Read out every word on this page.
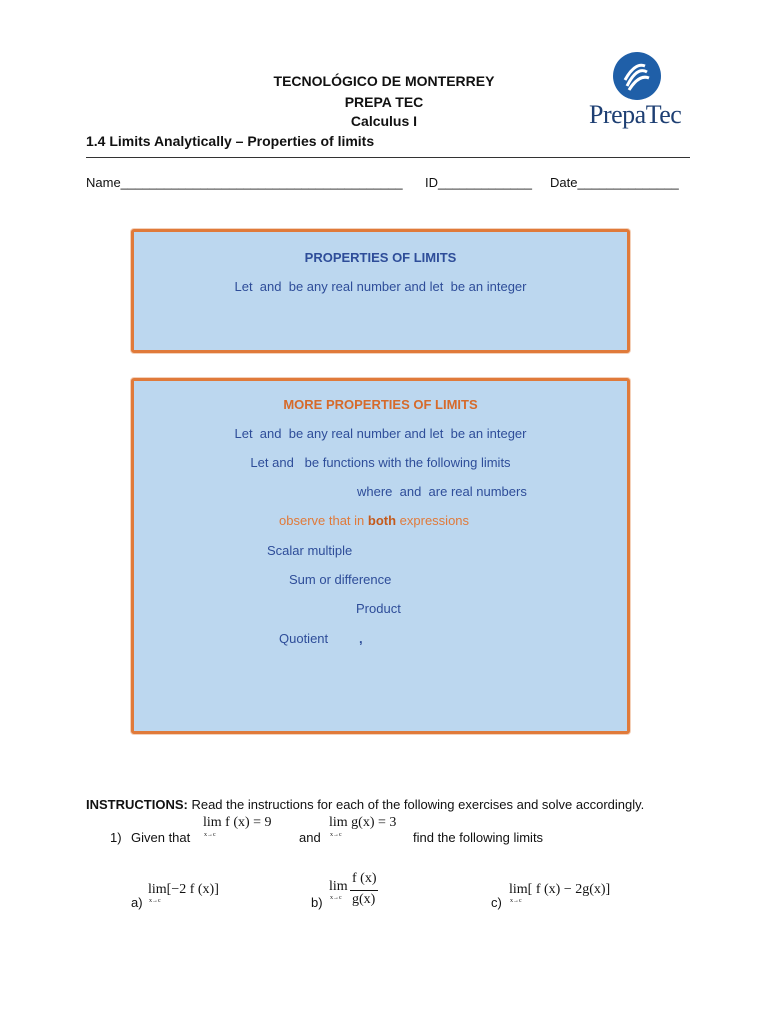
TECNOLÓGICO DE MONTERREY
PREPA TEC
Calculus I	PrepaTec
1.4 Limits Analytically – Properties of limits
Name_______________________________________ ID_____________ Date______________
PROPERTIES OF LIMITS
Let  and  be any real number and let  be an integer
MORE PROPERTIES OF LIMITS
Let  and  be any real number and let  be an integer
Let and   be functions with the following limits
where  and  are real numbers
observe that in both expressions
Scalar multiple
Sum or difference
Product
Quotient ,
INSTRUCTIONS: Read the instructions for each of the following exercises and solve accordingly.
1) Given that
lim f (x) = 9
x→c	and
lim g(x) = 3
x→c	find the following limits
a)
lim[−2 f (x)]
x→c	b)
lim
x→c
f (x)
g(x)	c)
lim[ f (x) − 2g(x)]
x→c
